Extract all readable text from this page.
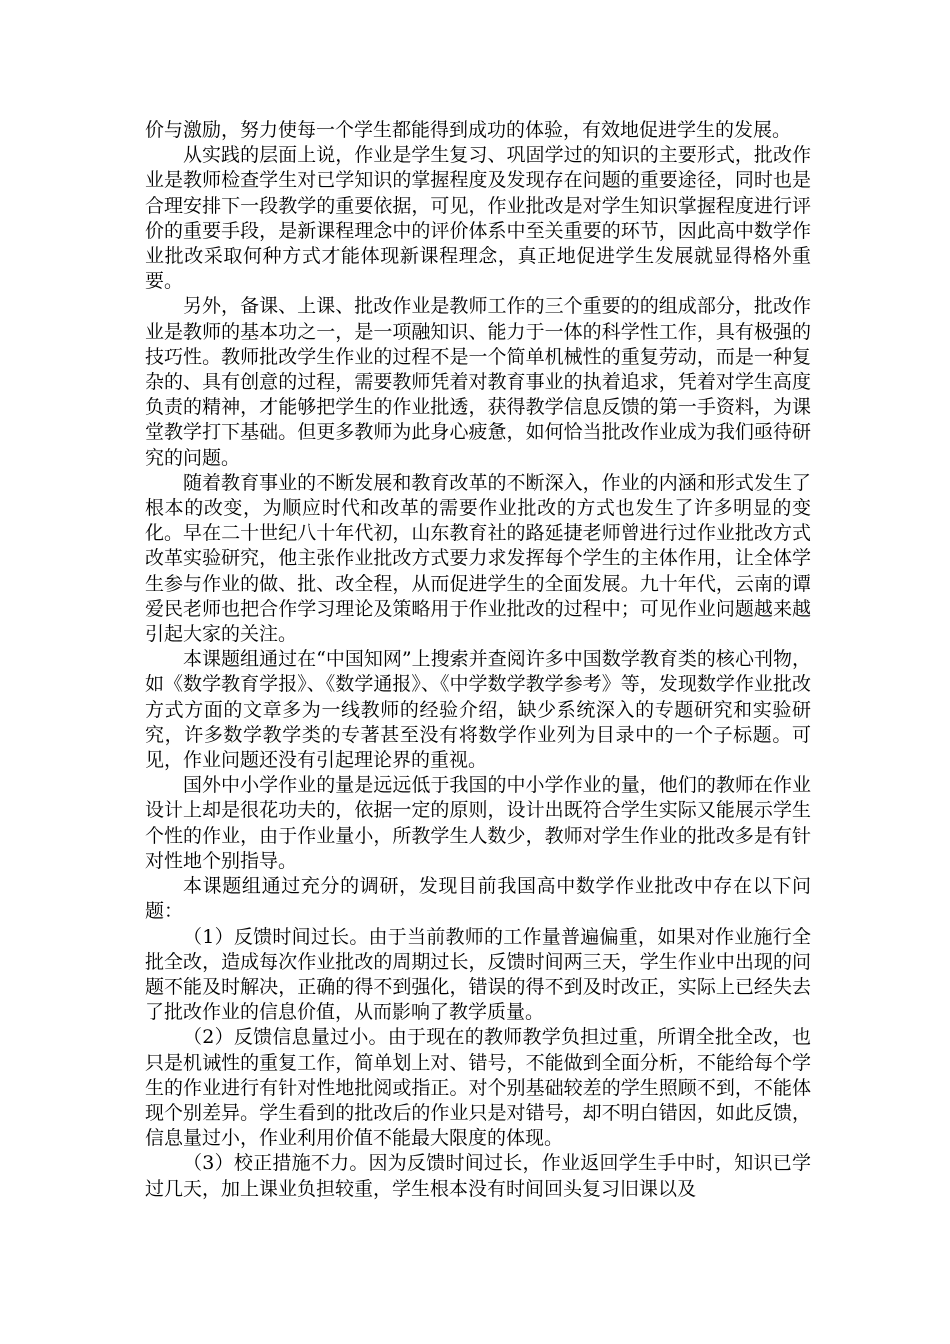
价与激励，努力使每一个学生都能得到成功的体验，有效地促进学生的发展。

从实践的层面上说，作业是学生复习、巩固学过的知识的主要形式，批改作业是教师检查学生对已学知识的掌握程度及发现存在问题的重要途径，同时也是合理安排下一段教学的重要依据，可见，作业批改是对学生知识掌握程度进行评价的重要手段，是新课程理念中的评价体系中至关重要的环节，因此高中数学作业批改采取何种方式才能体现新课程理念，真正地促进学生发展就显得格外重要。

另外，备课、上课、批改作业是教师工作的三个重要的的组成部分，批改作业是教师的基本功之一，是一项融知识、能力于一体的科学性工作，具有极强的技巧性。教师批改学生作业的过程不是一个简单机械性的重复劳动，而是一种复杂的、具有创意的过程，需要教师凭着对教育事业的执着追求，凭着对学生高度负责的精神，才能够把学生的作业批透，获得教学信息反馈的第一手资料，为课堂教学打下基础。但更多教师为此身心疲惫，如何恰当批改作业成为我们亟待研究的问题。

随着教育事业的不断发展和教育改革的不断深入，作业的内涵和形式发生了根本的改变，为顺应时代和改革的需要作业批改的方式也发生了许多明显的变化。早在二十世纪八十年代初，山东教育社的路延捷老师曾进行过作业批改方式改革实验研究，他主张作业批改方式要力求发挥每个学生的主体作用，让全体学生参与作业的做、批、改全程，从而促进学生的全面发展。九十年代，云南的谭爱民老师也把合作学习理论及策略用于作业批改的过程中；可见作业问题越来越引起大家的关注。

本课题组通过在“中国知网”上搜索并查阅许多中国数学教育类的核心刊物，如《数学教育学报》、《数学通报》、《中学数学教学参考》等，发现数学作业批改方式方面的文章多为一线教师的经验介绍，缺少系统深入的专题研究和实验研究，许多数学教学类的专著甚至没有将数学作业列为目录中的一个子标题。可见，作业问题还没有引起理论界的重视。

国外中小学作业的量是远远低于我国的中小学作业的量，他们的教师在作业设计上却是很花功夫的，依据一定的原则，设计出既符合学生实际又能展示学生个性的作业，由于作业量小，所教学生人数少，教师对学生作业的批改多是有针对性地个别指导。

本课题组通过充分的调研，发现目前我国高中数学作业批改中存在以下问题：

（1）反馈时间过长。由于当前教师的工作量普遍偏重，如果对作业施行全批全改，造成每次作业批改的周期过长，反馈时间两三天，学生作业中出现的问题不能及时解决，正确的得不到强化，错误的得不到及时改正，实际上已经失去了批改作业的信息价值，从而影响了教学质量。

（2）反馈信息量过小。由于现在的教师教学负担过重，所谓全批全改，也只是机诫性的重复工作，简单划上对、错号，不能做到全面分析，不能给每个学生的作业进行有针对性地批阅或指正。对个别基础较差的学生照顾不到，不能体现个别差异。学生看到的批改后的作业只是对错号，却不明白错因，如此反馈，信息量过小，作业利用价值不能最大限度的体现。

（3）校正措施不力。因为反馈时间过长，作业返回学生手中时，知识已学过几天，加上课业负担较重，学生根本没有时间回头复习旧课以及
